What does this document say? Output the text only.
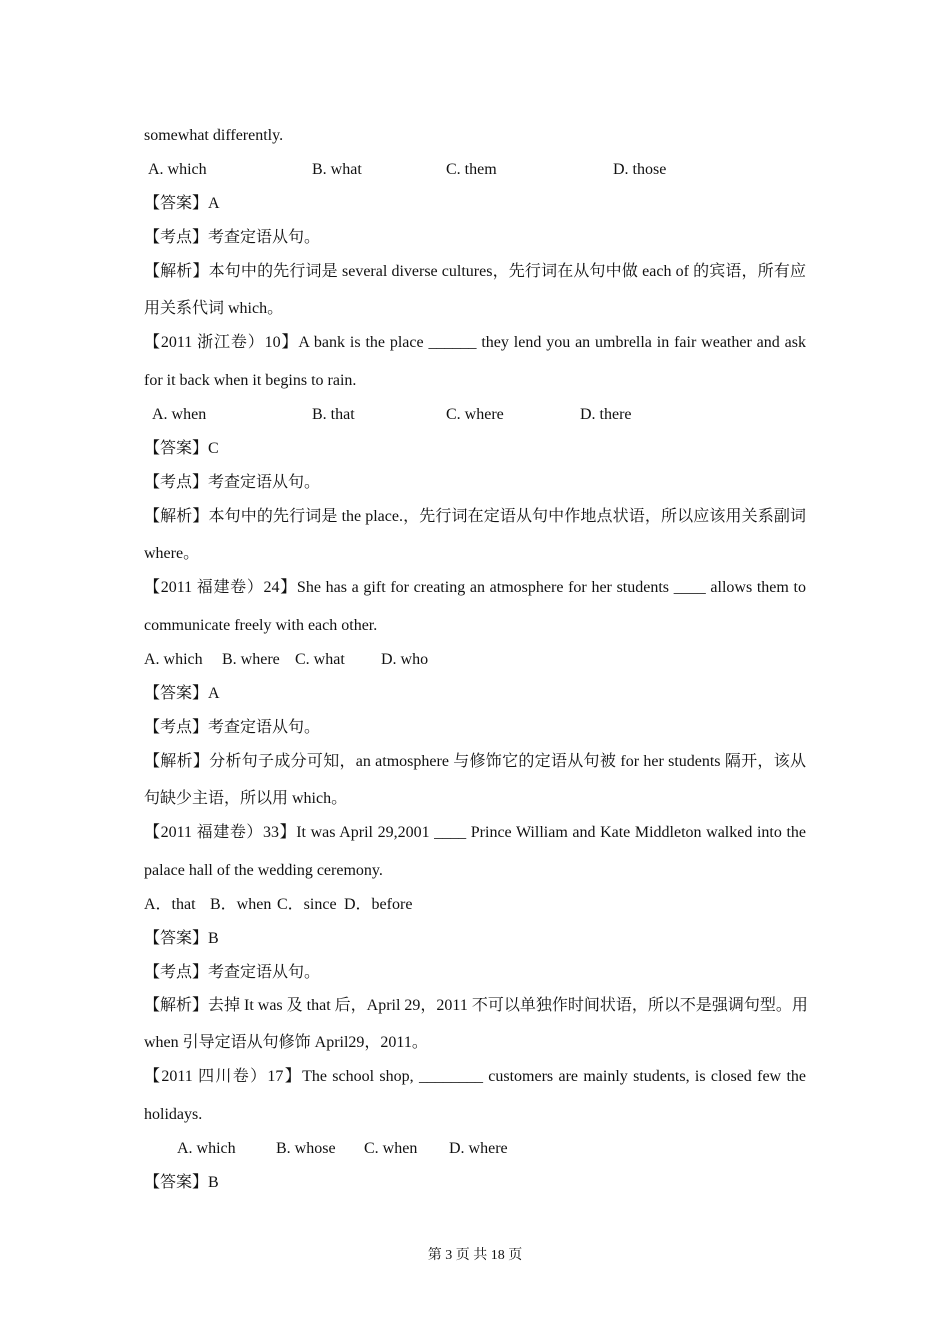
somewhat differently.
A. which	B. what	C. them	D. those
【答案】A
【考点】考查定语从句。
【解析】本句中的先行词是 several diverse cultures，先行词在从句中做 each of 的宾语，所有应
用关系代词 which。
【2011 浙江卷）10】A bank is the place ______ they lend you an umbrella in fair weather and ask
for it back when it begins to rain.
A. when	B. that	C. where	D. there
【答案】C
【考点】考查定语从句。
【解析】本句中的先行词是 the place.，先行词在定语从句中作地点状语，所以应该用关系副词
where。
【2011 福建卷）24】She has a gift for creating an atmosphere for her students ____ allows them to
communicate freely with each other.
A. which B. where C. what D. who
【答案】A
【考点】考查定语从句。
【解析】分析句子成分可知，an atmosphere 与修饰它的定语从句被 for her students 隔开，该从
句缺少主语，所以用 which。
【2011 福建卷）33】It was April 29,2001 ____ Prince William and Kate Middleton walked into the
palace hall of the wedding ceremony.
A．that B．when C．since D．before
【答案】B
【考点】考查定语从句。
【解析】去掉 It was 及 that 后，April 29，2011 不可以单独作时间状语，所以不是强调句型。用
when 引导定语从句修饰 April29，2011。
【2011 四川卷）17】The school shop, ________ customers are mainly students, is closed few the
holidays.
A. which	B. whose C. when D. where
【答案】B
第 3 页 共 18 页
